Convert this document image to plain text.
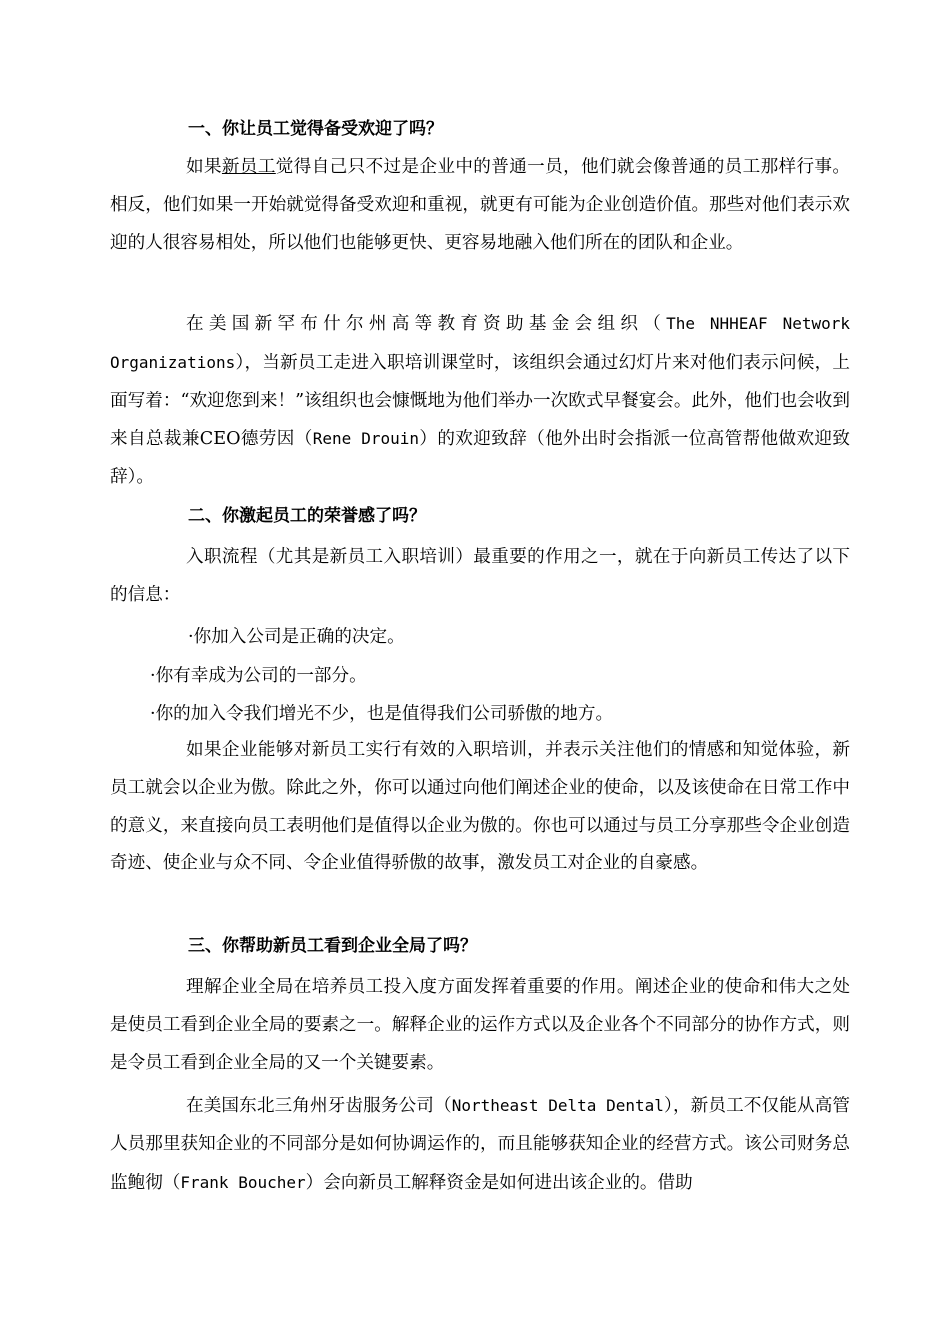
一、你让员工觉得备受欢迎了吗？

如果新员工觉得自己只不过是企业中的普通一员，他们就会像普通的员工那样行事。相反，他们如果一开始就觉得备受欢迎和重视，就更有可能为企业创造价值。那些对他们表示欢迎的人很容易相处，所以他们也能够更快、更容易地融入他们所在的团队和企业。

在美国新罕布什尔州高等教育资助基金会组织（The NHHEAF Network Organizations），当新员工走进入职培训课堂时，该组织会通过幻灯片来对他们表示问候，上面写着：“欢迎您到来！”该组织也会慷慨地为他们举办一次欧式早餐宴会。此外，他们也会收到来自总裁兼CEO德劳因（Rene Drouin）的欢迎致辞（他外出时会指派一位高管帮他做欢迎致辞）。

二、你激起员工的荣誉感了吗？

入职流程（尤其是新员工入职培训）最重要的作用之一，就在于向新员工传达了以下的信息：

·你加入公司是正确的决定。
·你有幸成为公司的一部分。
·你的加入令我们增光不少，也是值得我们公司骄傲的地方。

如果企业能够对新员工实行有效的入职培训，并表示关注他们的情感和知觉体验，新员工就会以企业为傲。除此之外，你可以通过向他们阐述企业的使命，以及该使命在日常工作中的意义，来直接向员工表明他们是值得以企业为傲的。你也可以通过与员工分享那些令企业创造奇迹、使企业与众不同、令企业值得骄傲的故事，激发员工对企业的自豪感。

三、你帮助新员工看到企业全局了吗？

理解企业全局在培养员工投入度方面发挥着重要的作用。阐述企业的使命和伟大之处是使员工看到企业全局的要素之一。解释企业的运作方式以及企业各个不同部分的协作方式，则是令员工看到企业全局的又一个关键要素。

在美国东北三角州牙齿服务公司（Northeast Delta Dental），新员工不仅能从高管人员那里获知企业的不同部分是如何协调运作的，而且能够获知企业的经营方式。该公司财务总监鲍彻（Frank Boucher）会向新员工解释资金是如何进出该企业的。借助
